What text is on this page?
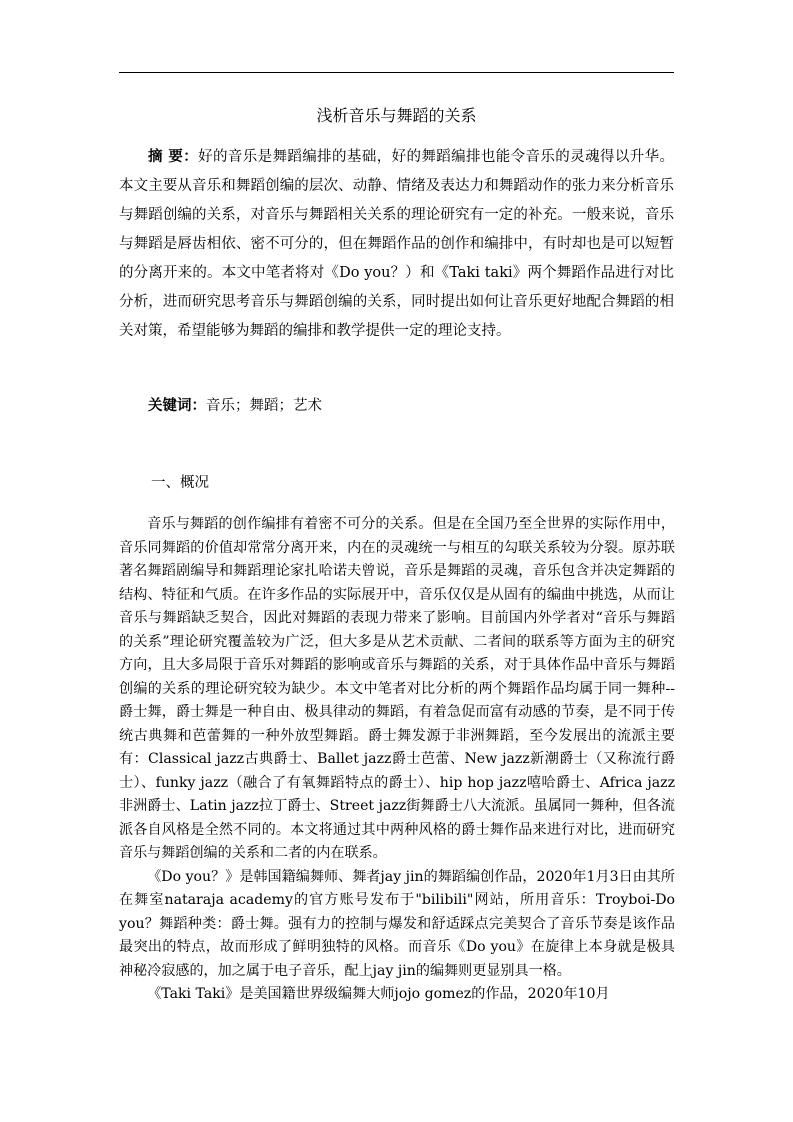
浅析音乐与舞蹈的关系

摘 要：好的音乐是舞蹈编排的基础，好的舞蹈编排也能令音乐的灵魂得以升华。本文主要从音乐和舞蹈创编的层次、动静、情绪及表达力和舞蹈动作的张力来分析音乐与舞蹈创编的关系，对音乐与舞蹈相关关系的理论研究有一定的补充。一般来说，音乐与舞蹈是唇齿相依、密不可分的，但在舞蹈作品的创作和编排中，有时却也是可以短暂的分离开来的。本文中笔者将对《Do you？）和《Taki taki》两个舞蹈作品进行对比分析，进而研究思考音乐与舞蹈创编的关系，同时提出如何让音乐更好地配合舞蹈的相关对策，希望能够为舞蹈的编排和教学提供一定的理论支持。

关键词：音乐；舞蹈；艺术

一、概况

音乐与舞蹈的创作编排有着密不可分的关系。但是在全国乃至全世界的实际作用中，音乐同舞蹈的价值却常常分离开来，内在的灵魂统一与相互的勾联关系较为分裂。原苏联著名舞蹈剧编导和舞蹈理论家扎哈诺夫曾说，音乐是舞蹈的灵魂，音乐包含并决定舞蹈的结构、特征和气质。在许多作品的实际展开中，音乐仅仅是从固有的编曲中挑选，从而让音乐与舞蹈缺乏契合，因此对舞蹈的表现力带来了影响。目前国内外学者对“音乐与舞蹈的关系”理论研究覆盖较为广泛，但大多是从艺术贡献、二者间的联系等方面为主的研究方向，且大多局限于音乐对舞蹈的影响或音乐与舞蹈的关系，对于具体作品中音乐与舞蹈创编的关系的理论研究较为缺少。本文中笔者对比分析的两个舞蹈作品均属于同一舞种--爵士舞，爵士舞是一种自由、极具律动的舞蹈，有着急促而富有动感的节奏，是不同于传统古典舞和芭蕾舞的一种外放型舞蹈。爵士舞发源于非洲舞蹈，至今发展出的流派主要有：Classical jazz古典爵士、Ballet jazz爵士芭蕾、New jazz新潮爵士（又称流行爵士）、funky jazz（融合了有氧舞蹈特点的爵士）、hip hop jazz嘻哈爵士、Africa jazz非洲爵士、Latin jazz拉丁爵士、Street jazz街舞爵士八大流派。虽属同一舞种，但各流派各自风格是全然不同的。本文将通过其中两种风格的爵士舞作品来进行对比，进而研究音乐与舞蹈创编的关系和二者的内在联系。

《Do you？》是韩国籍编舞师、舞者jay jin的舞蹈编创作品，2020年1月3日由其所在舞室nataraja academy的官方账号发布于"bilibili"网站，所用音乐：Troyboi-Do you？舞蹈种类：爵士舞。强有力的控制与爆发和舒适踩点完美契合了音乐节奏是该作品最突出的特点，故而形成了鲜明独特的风格。而音乐《Do you》在旋律上本身就是极具神秘冷寂感的，加之属于电子音乐，配上jay jin的编舞则更显别具一格。

《Taki Taki》是美国籍世界级编舞大师jojo gomez的作品，2020年10月
